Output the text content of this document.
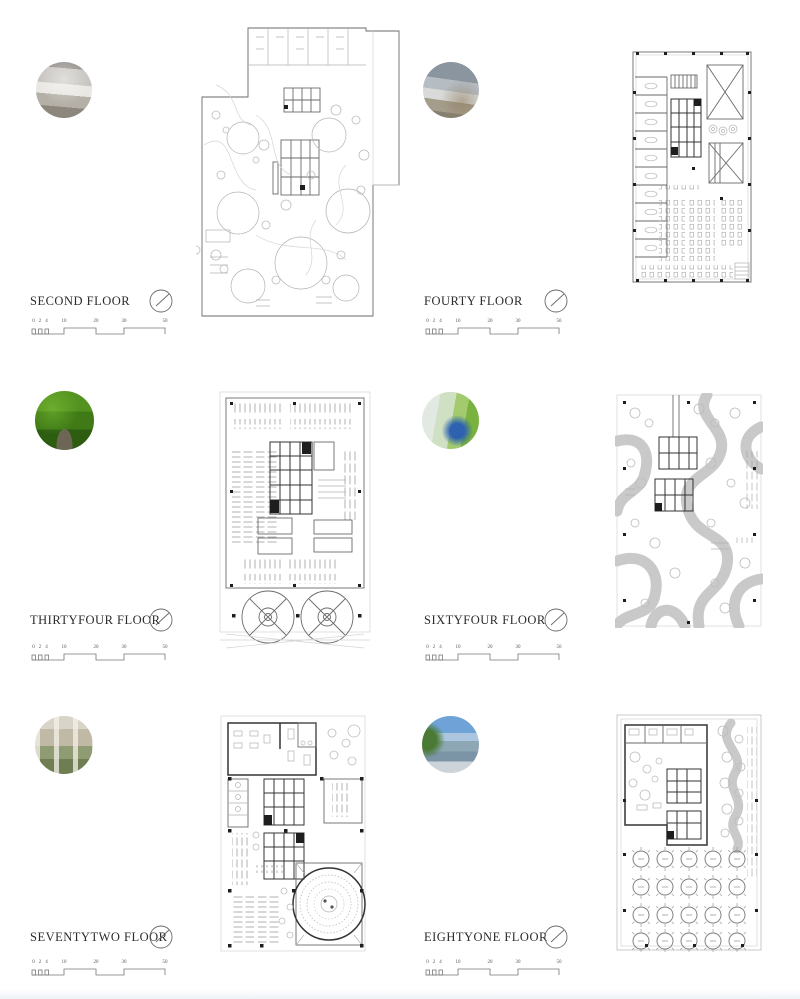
SECOND FLOOR
0 2 4	10	20	30	50
FOURTY FLOOR
0 2 4	10	20	30	50
THIRTYFOUR FLOOR
0 2 4	10	20	30	50
SIXTYFOUR FLOOR
0 2 4	10	20	30	50
SEVENTYTWO FLOOR
0 2 4	10	20	30	50
EIGHTYONE FLOOR
0 2 4	10	20	30	50
